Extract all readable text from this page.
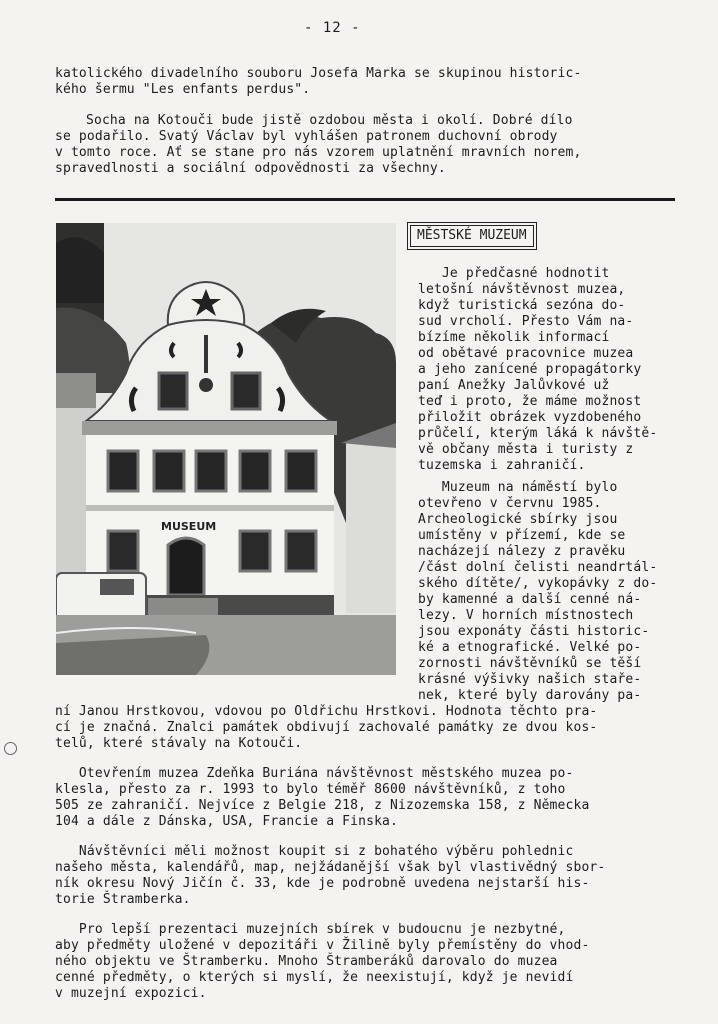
- 12 -
katolického divadelního souboru Josefa Marka se skupinou historic-
kého šermu "Les enfants perdus".
Socha na Kotouči bude jistě ozdobou města i okolí. Dobré dílo
se podařilo. Svatý Václav byl vyhlášen patronem duchovní obrody
v tomto roce. Ať se stane pro nás vzorem uplatnění mravních norem,
spravedlnosti a sociální odpovědnosti za všechny.
MUSEUM
MĚSTSKÉ MUZEUM
Je předčasné hodnotit
letošní návštěvnost muzea,
když turistická sezóna do-
sud vrcholí. Přesto Vám na-
bízíme několik informací
od obětavé pracovnice muzea
a jeho zanícené propagátorky
paní Anežky Jalůvkové už
teď i proto, že máme možnost
přiložit obrázek vyzdobeného
průčelí, kterým láká k návště-
vě občany města i turisty z
tuzemska i zahraničí.
Muzeum na náměstí bylo
otevřeno v červnu 1985.
Archeologické sbírky jsou
umístěny v přízemí, kde se
nacházejí nálezy z pravěku
/část dolní čelisti neandrtál-
ského dítěte/, vykopávky z do-
by kamenné a další cenné ná-
lezy. V horních místnostech
jsou exponáty části historic-
ké a etnografické. Velké po-
zornosti návštěvníků se těší
krásné výšivky našich staře-
nek, které byly darovány pa-
ní Janou Hrstkovou, vdovou po Oldřichu Hrstkovi. Hodnota těchto pra-
cí je značná. Znalci památek obdivují zachovalé památky ze dvou kos-
telů, které stávaly na Kotouči.
Otevřením muzea Zdeňka Buriána návštěvnost městského muzea po-
klesla, přesto za r. 1993 to bylo téměř 8600 návštěvníků, z toho
505 ze zahraničí. Nejvíce z Belgie 218, z Nizozemska 158, z Německa
104 a dále z Dánska, USA, Francie a Finska.
Návštěvníci měli možnost koupit si z bohatého výběru pohlednic
našeho města, kalendářů, map, nejžádanější však byl vlastivědný sbor-
ník okresu Nový Jičín č. 33, kde je podrobně uvedena nejstarší his-
torie Štramberka.
Pro lepší prezentaci muzejních sbírek v budoucnu je nezbytné,
aby předměty uložené v depozitáři v Žilině byly přemístěny do vhod-
ného objektu ve Štramberku. Mnoho Štramberáků darovalo do muzea
cenné předměty, o kterých si myslí, že neexistují, když je nevidí
v muzejní expozici.
